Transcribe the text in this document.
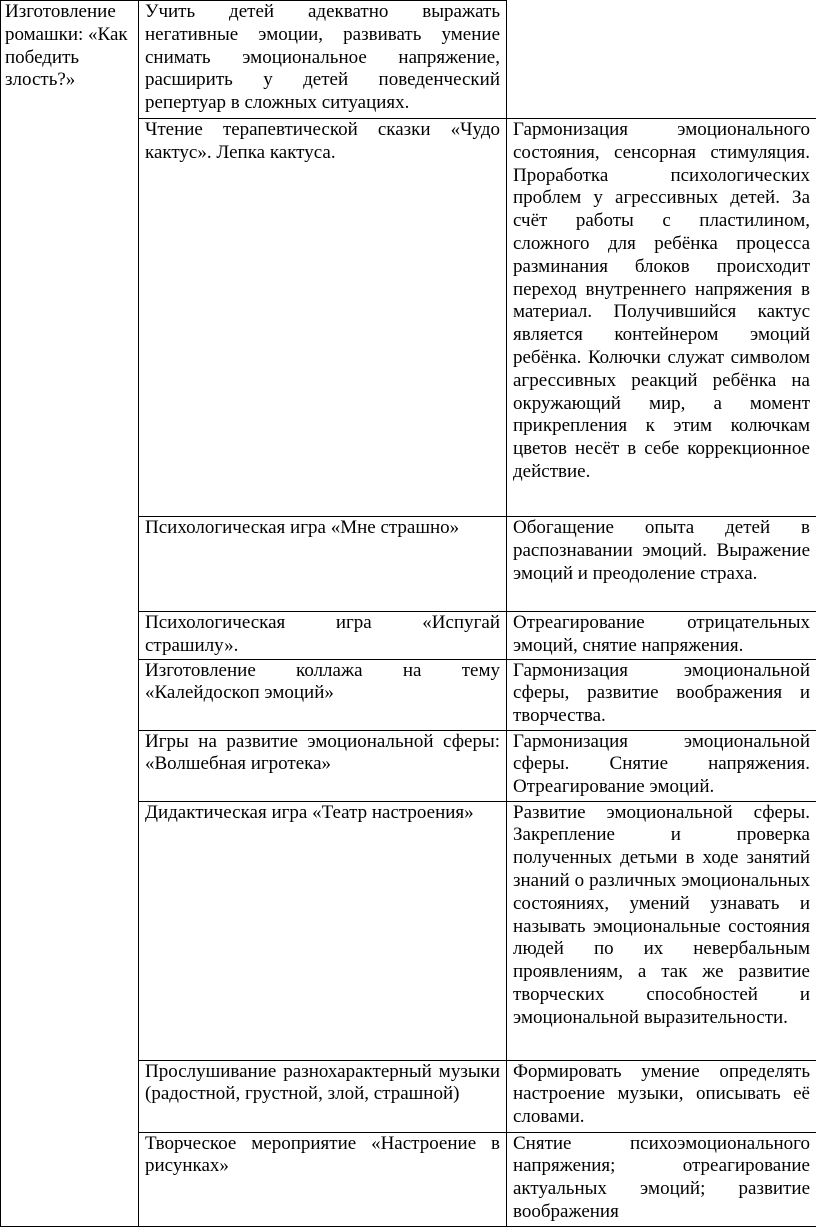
Изготовление ромашки: «Как победить злость?»	Учить детей адекватно выражать негативные эмоции, развивать умение снимать эмоциональное напряжение, расширить у детей поведенческий репертуар в сложных ситуациях.	

	Чтение терапевтической сказки «Чудо кактус». Лепка кактуса.	Гармонизация эмоционального состояния, сенсорная стимуляция. Проработка психологических проблем у агрессивных детей. За счёт работы с пластилином, сложного для ребёнка процесса разминания блоков происходит переход внутреннего напряжения в материал. Получившийся кактус является контейнером эмоций ребёнка. Колючки служат символом агрессивных реакций ребёнка на окружающий мир, а момент прикрепления к этим колючкам цветов несёт в себе коррекционное действие.

	Психологическая игра «Мне страшно»	Обогащение опыта детей в распознавании эмоций. Выражение эмоций и преодоление страха.

	Психологическая игра «Испугай страшилу».	Отреагирование отрицательных эмоций, снятие напряжения.

	Изготовление коллажа на тему «Калейдоскоп эмоций»	Гармонизация эмоциональной сферы, развитие воображения и творчества.

	Игры на развитие эмоциональной сферы: «Волшебная игротека»	Гармонизация эмоциональной сферы. Снятие напряжения. Отреагирование эмоций.

	Дидактическая игра «Театр настроения»	Развитие эмоциональной сферы. Закрепление и проверка полученных детьми в ходе занятий знаний о различных эмоциональных состояниях, умений узнавать и называть эмоциональные состояния людей по их невербальным проявлениям, а так же развитие творческих способностей и эмоциональной выразительности.

	Прослушивание разнохарактерный музыки (радостной, грустной, злой, страшной)	Формировать умение определять настроение музыки, описывать её словами.

	Творческое мероприятие «Настроение в рисунках»	Снятие психоэмоционального напряжения; отреагирование актуальных эмоций; развитие воображения
